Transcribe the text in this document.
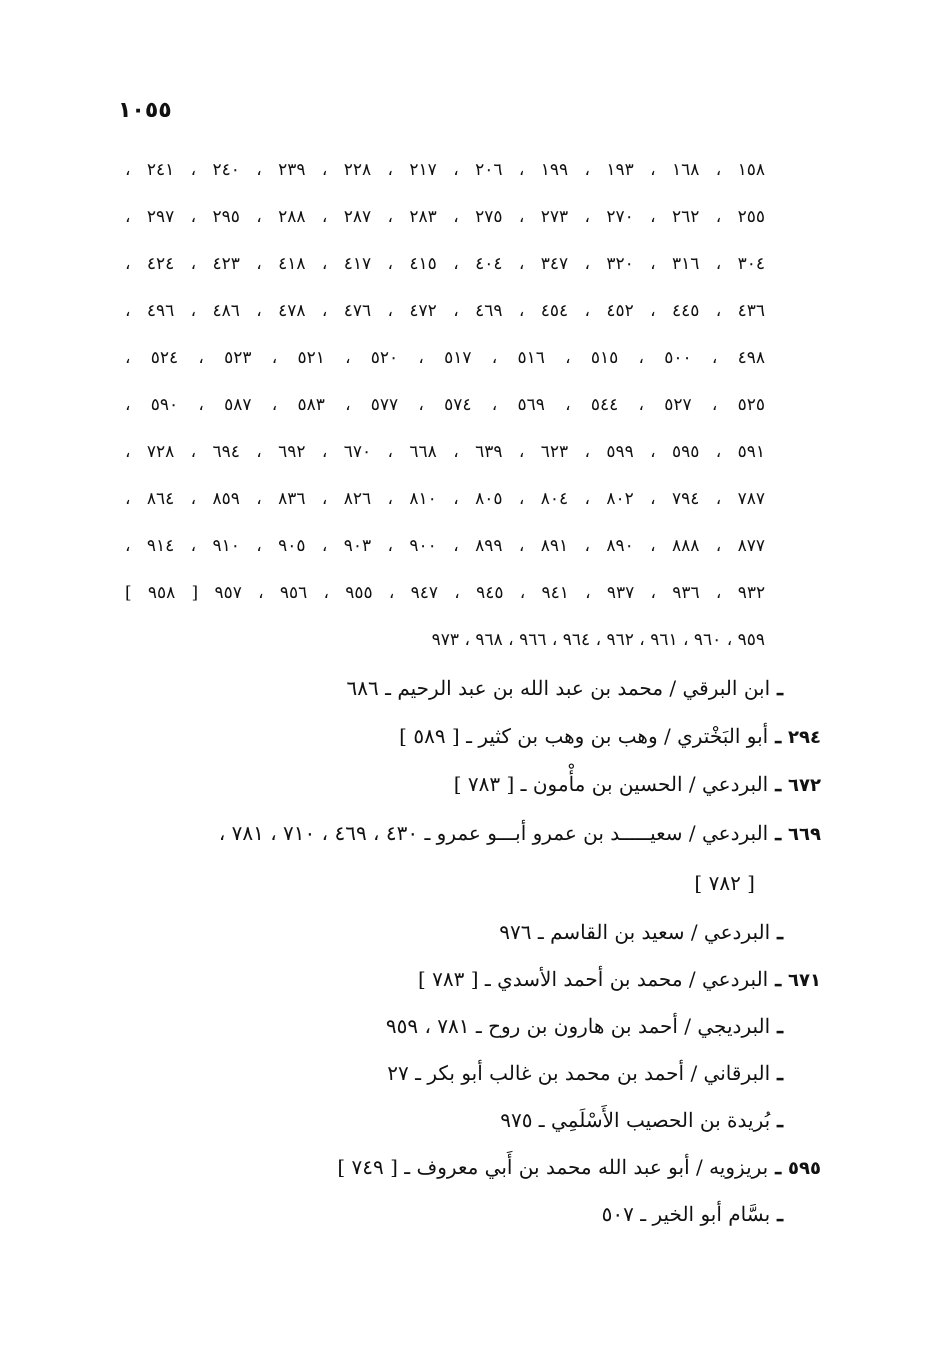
١٠٥٥
١٥٨ ، ١٦٨ ، ١٩٣ ، ١٩٩ ، ٢٠٦ ، ٢١٧ ، ٢٢٨ ، ٢٣٩ ، ٢٤٠ ، ٢٤١ ،
٢٥٥ ، ٢٦٢ ، ٢٧٠ ، ٢٧٣ ، ٢٧٥ ، ٢٨٣ ، ٢٨٧ ، ٢٨٨ ، ٢٩٥ ، ٢٩٧ ،
٣٠٤ ، ٣١٦ ، ٣٢٠ ، ٣٤٧ ، ٤٠٤ ، ٤١٥ ، ٤١٧ ، ٤١٨ ، ٤٢٣ ، ٤٢٤ ،
٤٣٦ ، ٤٤٥ ، ٤٥٢ ، ٤٥٤ ، ٤٦٩ ، ٤٧٢ ، ٤٧٦ ، ٤٧٨ ، ٤٨٦ ، ٤٩٦ ،
٤٩٨ ، ٥٠٠ ، ٥١٥ ، ٥١٦ ، ٥١٧ ، ٥٢٠ ، ٥٢١ ، ٥٢٣ ، ٥٢٤ ،
٥٢٥ ، ٥٢٧ ، ٥٤٤ ، ٥٦٩ ، ٥٧٤ ، ٥٧٧ ، ٥٨٣ ، ٥٨٧ ، ٥٩٠ ،
٥٩١ ، ٥٩٥ ، ٥٩٩ ، ٦٢٣ ، ٦٣٩ ، ٦٦٨ ، ٦٧٠ ، ٦٩٢ ، ٦٩٤ ، ٧٢٨ ،
٧٨٧ ، ٧٩٤ ، ٨٠٢ ، ٨٠٤ ، ٨٠٥ ، ٨١٠ ، ٨٢٦ ، ٨٣٦ ، ٨٥٩ ، ٨٦٤ ،
٨٧٧ ، ٨٨٨ ، ٨٩٠ ، ٨٩١ ، ٨٩٩ ، ٩٠٠ ، ٩٠٣ ، ٩٠٥ ، ٩١٠ ، ٩١٤ ،
٩٣٢ ، ٩٣٦ ، ٩٣٧ ، ٩٤١ ، ٩٤٥ ، ٩٤٧ ، ٩٥٥ ، ٩٥٦ ، ٩٥٧ [ ٩٥٨ ]
٩٥٩ ، ٩٦٠ ، ٩٦١ ، ٩٦٢ ، ٩٦٤ ، ٩٦٦ ، ٩٦٨ ، ٩٧٣
ـ ابن البرقي / محمد بن عبد الله بن عبد الرحيم ـ ٦٨٦
٢٩٤ ـ أبو البَخْتري / وهب بن وهب بن كثير ـ [ ٥٨٩ ]
٦٧٢ ـ البردعي / الحسين بن مأْمون ـ [ ٧٨٣ ]
٦٦٩ ـ البردعي / سعيـــــد بن عمرو أبـــو عمرو ـ ٤٣٠ ، ٤٦٩ ، ٧١٠ ، ٧٨١ ،
[ ٧٨٢ ]
ـ البردعي / سعيد بن القاسم ـ ٩٧٦
٦٧١ ـ البردعي / محمد بن أحمد الأسدي ـ [ ٧٨٣ ]
ـ البرديجي / أحمد بن هارون بن روح ـ ٧٨١ ، ٩٥٩
ـ البرقاني / أحمد بن محمد بن غالب أبو بكر ـ ٢٧
ـ بُريدة بن الحصيب الأَسْلَمِي ـ ٩٧٥
٥٩٥ ـ بريزويه / أبو عبد الله محمد بن أَبي معروف ـ [ ٧٤٩ ]
ـ بسَّام أبو الخير ـ ٥٠٧
